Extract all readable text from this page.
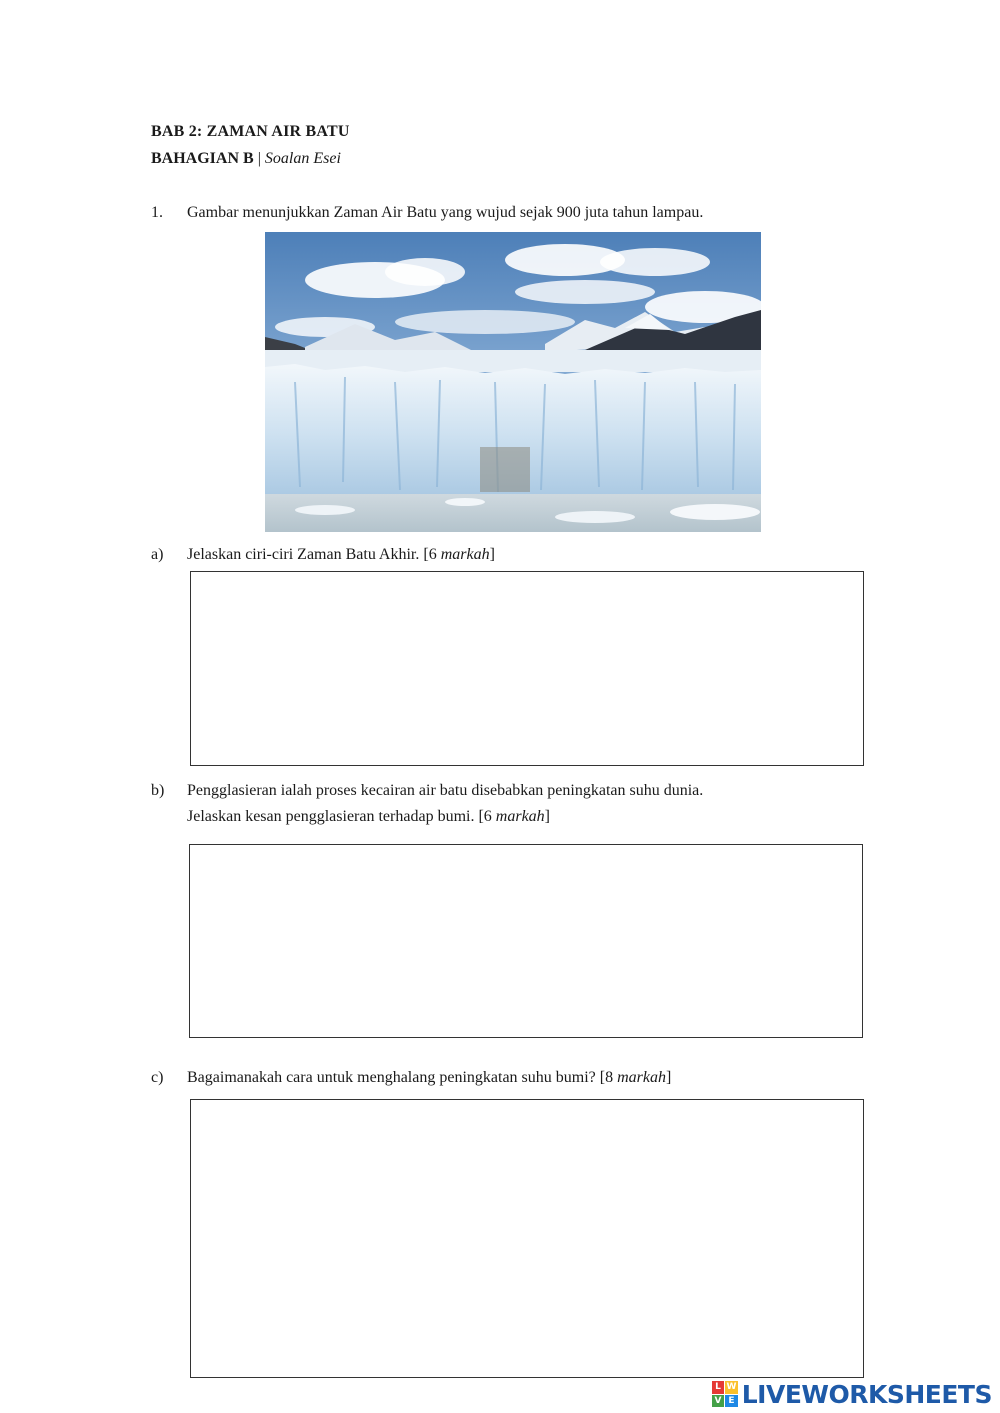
BAB 2: ZAMAN AIR BATU
BAHAGIAN B | Soalan Esei
1. Gambar menunjukkan Zaman Air Batu yang wujud sejak 900 juta tahun lampau.
a) Jelaskan ciri-ciri Zaman Batu Akhir. [6 markah]
b) Pengglasieran ialah proses kecairan air batu disebabkan peningkatan suhu dunia.
Jelaskan kesan pengglasieran terhadap bumi. [6 markah]
c) Bagaimanakah cara untuk menghalang peningkatan suhu bumi? [8 markah]
L W
V E LIVEWORKSHEETS
